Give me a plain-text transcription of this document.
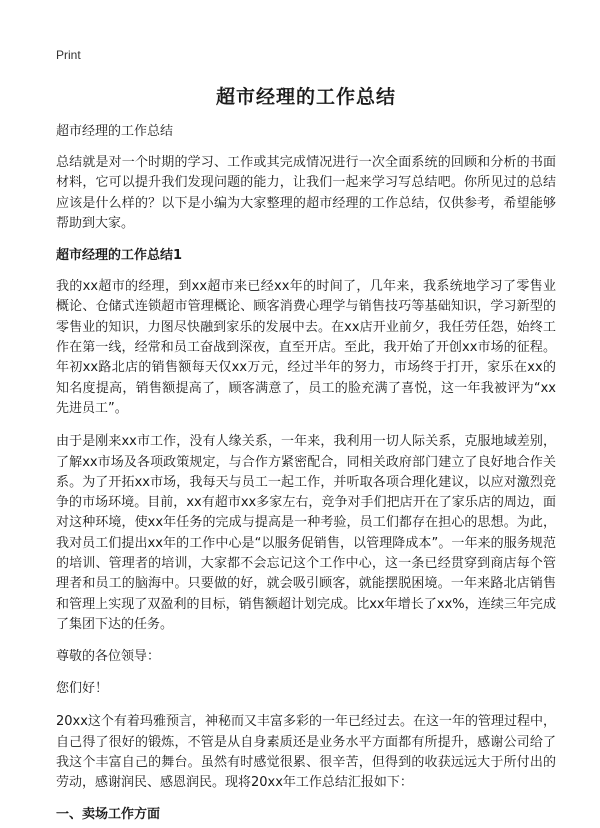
Print
超市经理的工作总结

超市经理的工作总结

总结就是对一个时期的学习、工作或其完成情况进行一次全面系统的回顾和分析的书面材料，它可以提升我们发现问题的能力，让我们一起来学习写总结吧。你所见过的总结应该是什么样的？以下是小编为大家整理的超市经理的工作总结，仅供参考，希望能够帮助到大家。

超市经理的工作总结1

我的xx超市的经理，到xx超市来已经xx年的时间了，几年来，我系统地学习了零售业概论、仓储式连锁超市管理概论、顾客消费心理学与销售技巧等基础知识，学习新型的零售业的知识，力图尽快融到家乐的发展中去。在xx店开业前夕，我任劳任怨，始终工作在第一线，经常和员工奋战到深夜，直至开店。至此，我开始了开创xx市场的征程。年初xx路北店的销售额每天仅xx万元，经过半年的努力，市场终于打开，家乐在xx的知名度提高，销售额提高了，顾客满意了，员工的脸充满了喜悦，这一年我被评为“xx先进员工”。

由于是刚来xx市工作，没有人缘关系，一年来，我利用一切人际关系，克服地域差别，了解xx市场及各项政策规定，与合作方紧密配合，同相关政府部门建立了良好地合作关系。为了开拓xx市场，我每天与员工一起工作，并听取各项合理化建议，以应对激烈竞争的市场环境。目前，xx有超市xx多家左右，竞争对手们把店开在了家乐店的周边，面对这种环境，使xx年任务的完成与提高是一种考验，员工们都存在担心的思想。为此，我对员工们提出xx年的工作中心是“以服务促销售，以管理降成本”。一年来的服务规范的培训、管理者的培训，大家都不会忘记这个工作中心，这一条已经贯穿到商店每个管理者和员工的脑海中。只要做的好，就会吸引顾客，就能摆脱困境。一年来路北店销售和管理上实现了双盈利的目标，销售额超计划完成。比xx年增长了xx%，连续三年完成了集团下达的任务。

尊敬的各位领导：

您们好！

20xx这个有着玛雅预言，神秘而又丰富多彩的一年已经过去。在这一年的管理过程中，自己得了很好的锻炼，不管是从自身素质还是业务水平方面都有所提升，感谢公司给了我这个丰富自己的舞台。虽然有时感觉很累、很辛苦，但得到的收获远远大于所付出的劳动，感谢润民、感恩润民。现将20xx年工作总结汇报如下：

一、卖场工作方面
